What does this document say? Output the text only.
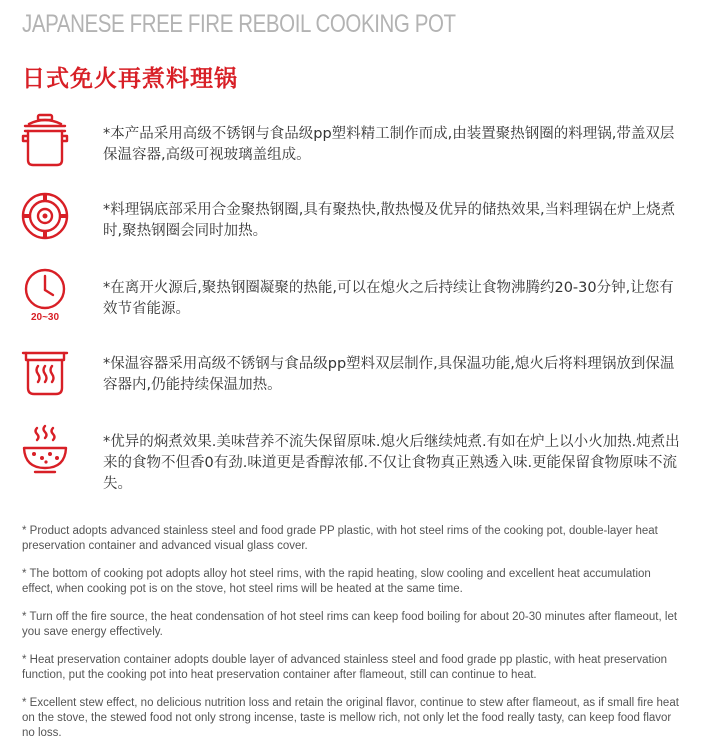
JAPANESE FREE FIRE REBOIL COOKING POT
日式免火再煮料理锅
*本产品采用高级不锈钢与食品级pp塑料精工制作而成,由装置聚热钢圈的料理锅,带盖双层保温容器,高级可视玻璃盖组成。
*料理锅底部采用合金聚热钢圈,具有聚热快,散热慢及优异的储热效果,当料理锅在炉上烧煮时,聚热钢圈会同时加热。
20~30
*在离开火源后,聚热钢圈凝聚的热能,可以在熄火之后持续让食物沸腾约20-30分钟,让您有效节省能源。
*保温容器采用高级不锈钢与食品级pp塑料双层制作,具保温功能,熄火后将料理锅放到保温容器内,仍能持续保温加热。
*优异的焖煮效果.美味营养不流失保留原味.熄火后继续炖煮.有如在炉上以小火加热.炖煮出来的食物不但香0有劲.味道更是香醇浓郁.不仅让食物真正熟透入味.更能保留食物原味不流失。
* Product adopts advanced stainless steel and food grade PP plastic, with hot steel rims of the cooking pot, double-layer heat preservation container and advanced visual glass cover.
* The bottom of cooking pot adopts alloy hot steel rims, with the rapid heating, slow cooling and excellent heat accumulation effect, when cooking pot is on the stove, hot steel rims will be heated at the same time.
* Turn off the fire source, the heat condensation of hot steel rims can keep food boiling for about 20-30 minutes after flameout, let you save energy effectively.
* Heat preservation container adopts double layer of advanced stainless steel and food grade pp plastic, with heat preservation function, put the cooking pot into heat preservation container after flameout, still can continue to heat.
* Excellent stew effect, no delicious nutrition loss and retain the original flavor, continue to stew after flameout, as if small fire heat on the stove, the stewed food not only strong incense, taste is mellow rich, not only let the food really tasty, can keep food flavor no loss.
